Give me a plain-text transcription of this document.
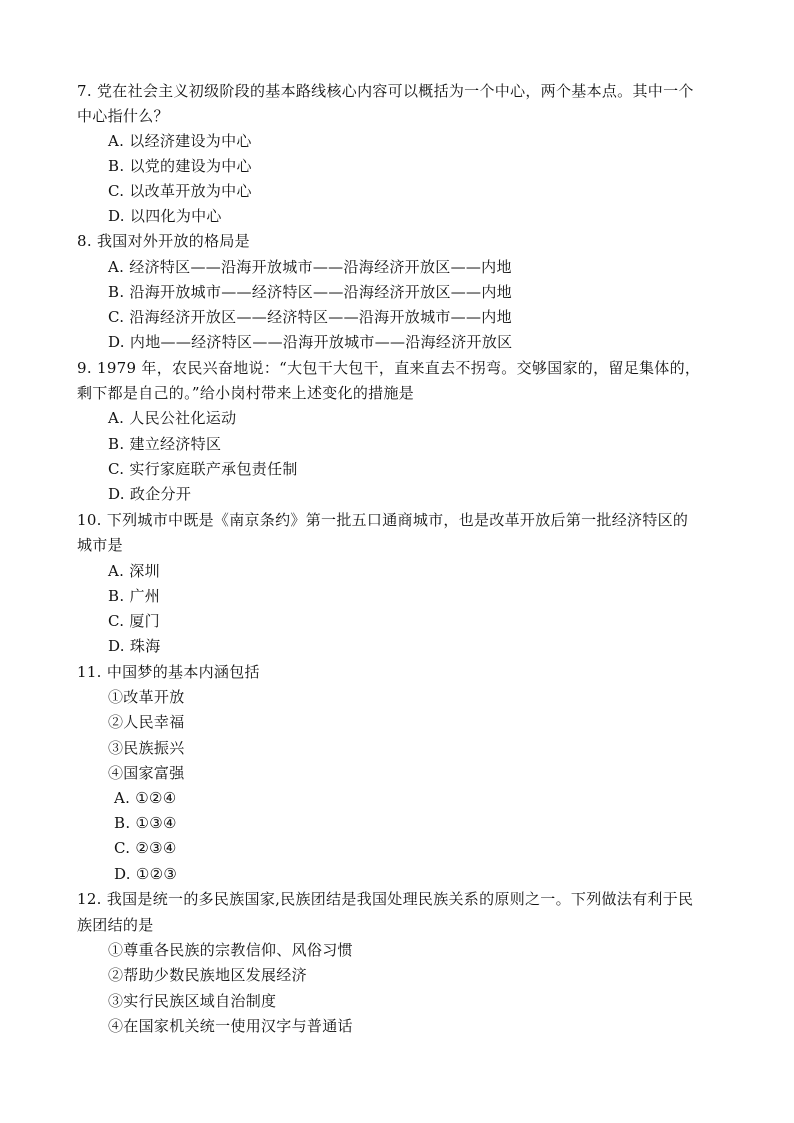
7. 党在社会主义初级阶段的基本路线核心内容可以概括为一个中心，两个基本点。其中一个

中心指什么？

A. 以经济建设为中心

B. 以党的建设为中心

C. 以改革开放为中心

D. 以四化为中心

8. 我国对外开放的格局是

A. 经济特区——沿海开放城市——沿海经济开放区——内地

B. 沿海开放城市——经济特区——沿海经济开放区——内地

C. 沿海经济开放区——经济特区——沿海开放城市——内地

D. 内地——经济特区——沿海开放城市——沿海经济开放区

9. 1979 年，农民兴奋地说：“大包干大包干，直来直去不拐弯。交够国家的，留足集体的，

剩下都是自己的。”给小岗村带来上述变化的措施是

A. 人民公社化运动

B. 建立经济特区

C. 实行家庭联产承包责任制

D. 政企分开

10. 下列城市中既是《南京条约》第一批五口通商城市，也是改革开放后第一批经济特区的

城市是

A. 深圳

B. 广州

C. 厦门

D. 珠海

11. 中国梦的基本内涵包括

①改革开放

②人民幸福

③民族振兴

④国家富强

A. ①②④

B. ①③④

C. ②③④

D. ①②③

12. 我国是统一的多民族国家,民族团结是我国处理民族关系的原则之一。下列做法有利于民

族团结的是

①尊重各民族的宗教信仰、风俗习惯

②帮助少数民族地区发展经济

③实行民族区域自治制度

④在国家机关统一使用汉字与普通话
